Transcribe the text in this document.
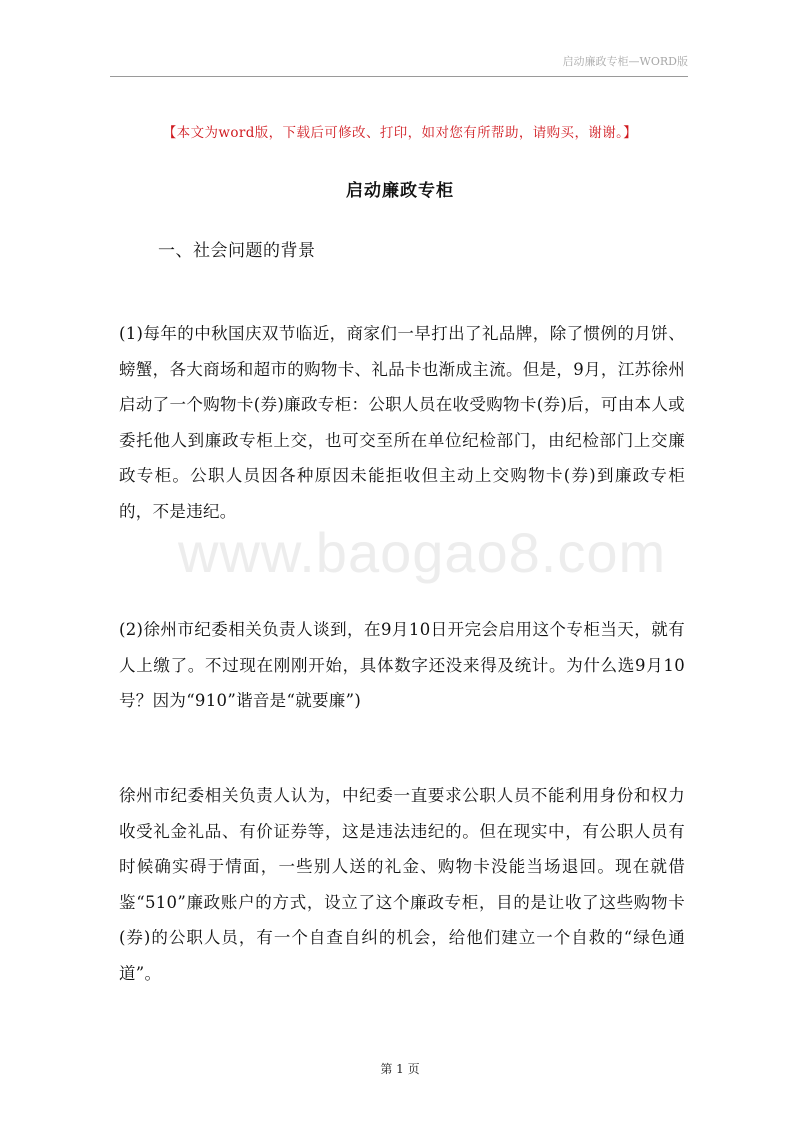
启动廉政专柜—WORD版
【本文为word版，下载后可修改、打印，如对您有所帮助，请购买，谢谢。】
www.baogao8.com
启动廉政专柜
一、社会问题的背景
(1)每年的中秋国庆双节临近，商家们一早打出了礼品牌，除了惯例的月饼、螃蟹，各大商场和超市的购物卡、礼品卡也渐成主流。但是，9月，江苏徐州启动了一个购物卡(券)廉政专柜：公职人员在收受购物卡(券)后，可由本人或委托他人到廉政专柜上交，也可交至所在单位纪检部门，由纪检部门上交廉政专柜。公职人员因各种原因未能拒收但主动上交购物卡(券)到廉政专柜的，不是违纪。
(2)徐州市纪委相关负责人谈到，在9月10日开完会启用这个专柜当天，就有人上缴了。不过现在刚刚开始，具体数字还没来得及统计。为什么选9月10号？因为“910”谐音是“就要廉”)
徐州市纪委相关负责人认为，中纪委一直要求公职人员不能利用身份和权力收受礼金礼品、有价证券等，这是违法违纪的。但在现实中，有公职人员有时候确实碍于情面，一些别人送的礼金、购物卡没能当场退回。现在就借鉴“510”廉政账户的方式，设立了这个廉政专柜，目的是让收了这些购物卡(券)的公职人员，有一个自查自纠的机会，给他们建立一个自救的“绿色通道”。
第 1 页
